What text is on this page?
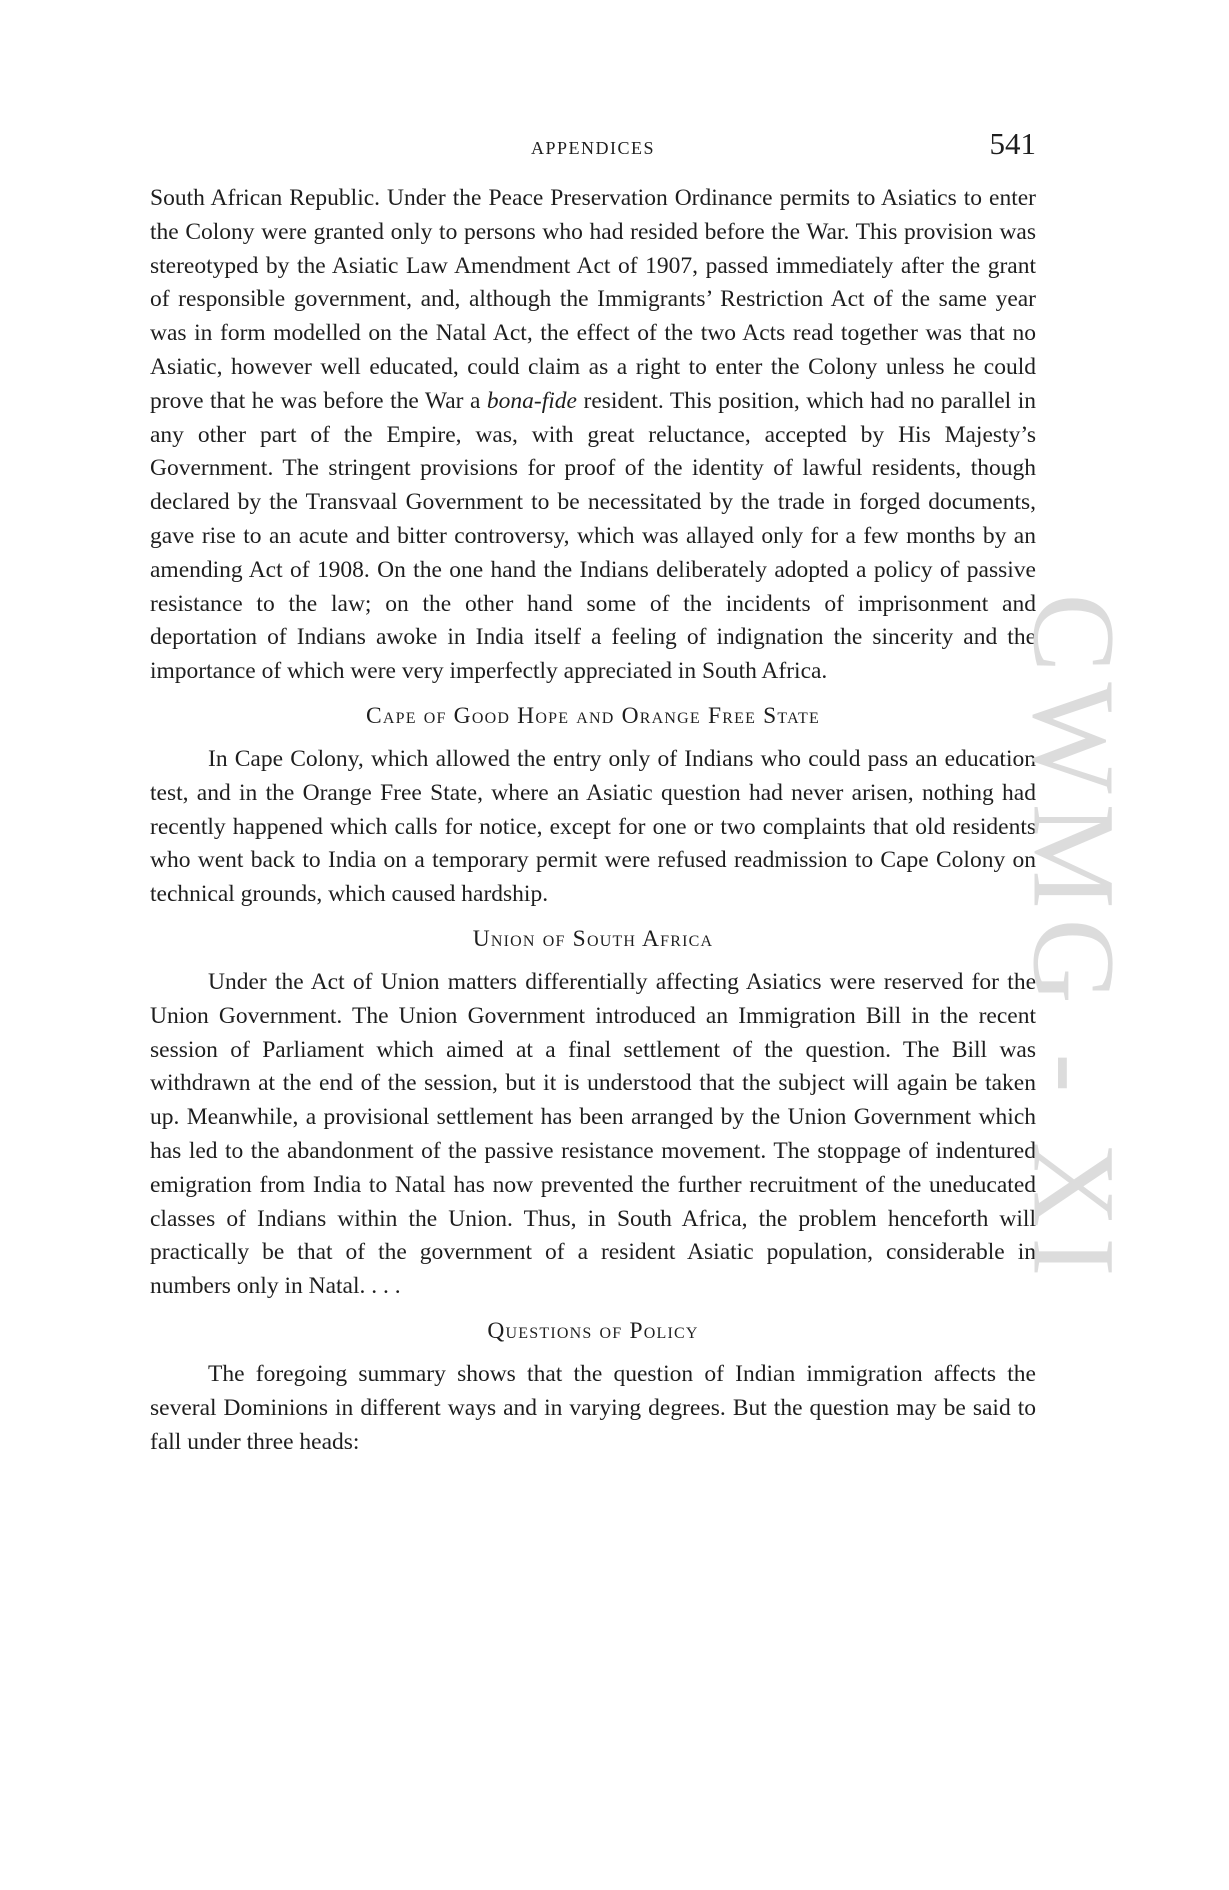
APPENDICES	541

South African Republic. Under the Peace Preservation Ordinance permits to Asiatics to enter the Colony were granted only to persons who had resided before the War. This provision was stereotyped by the Asiatic Law Amendment Act of 1907, passed immediately after the grant of responsible government, and, although the Immigrants’ Restriction Act of the same year was in form modelled on the Natal Act, the effect of the two Acts read together was that no Asiatic, however well educated, could claim as a right to enter the Colony unless he could prove that he was before the War a bona-fide resident. This position, which had no parallel in any other part of the Empire, was, with great reluctance, accepted by His Majesty’s Government. The stringent provisions for proof of the identity of lawful residents, though declared by the Transvaal Government to be necessitated by the trade in forged documents, gave rise to an acute and bitter controversy, which was allayed only for a few months by an amending Act of 1908. On the one hand the Indians deliberately adopted a policy of passive resistance to the law; on the other hand some of the incidents of imprisonment and deportation of Indians awoke in India itself a feeling of indignation the sincerity and the importance of which were very imperfectly appreciated in South Africa.

Cape of Good Hope and Orange Free State

In Cape Colony, which allowed the entry only of Indians who could pass an education test, and in the Orange Free State, where an Asiatic question had never arisen, nothing had recently happened which calls for notice, except for one or two complaints that old residents who went back to India on a temporary permit were refused readmission to Cape Colony on technical grounds, which caused hardship.

Union of South Africa

Under the Act of Union matters differentially affecting Asiatics were reserved for the Union Government. The Union Government introduced an Immigration Bill in the recent session of Parliament which aimed at a final settlement of the question. The Bill was withdrawn at the end of the session, but it is understood that the subject will again be taken up. Meanwhile, a provisional settlement has been arranged by the Union Government which has led to the abandonment of the passive resistance movement. The stoppage of indentured emigration from India to Natal has now prevented the further recruitment of the uneducated classes of Indians within the Union. Thus, in South Africa, the problem henceforth will practically be that of the government of a resident Asiatic population, considerable in numbers only in Natal. . . .

Questions of Policy

The foregoing summary shows that the question of Indian immigration affects the several Dominions in different ways and in varying degrees. But the question may be said to fall under three heads:

CWMG - XI
